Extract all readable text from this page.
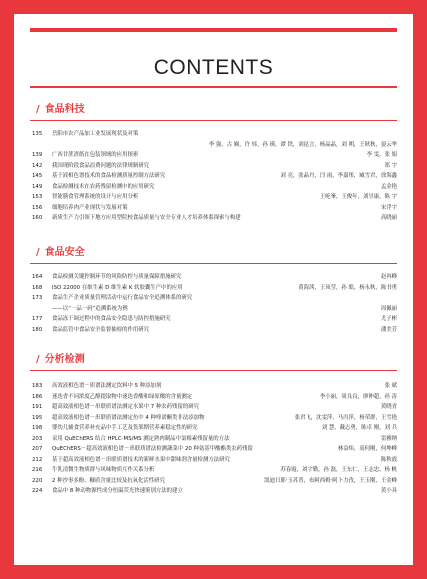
CONTENTS
/ 食品科技
135	岳阳市农产品加工业发展现状及对策
李 强，古 娴，许 炜，孙 瑛，谭 铁，刘昆言，杨晶晶，刘 朔，王秋秋，晏云华
139	广西甘蔗渣纸在包装领域的应用探索	李 雯，张 娟
142	我国现阶段食品浪费问题的法律规制研究	郑 宇
145	基于液相色谱技术的食品检测质量控制方法研究	刘 亮，张晶丹，闫 雨，李嘉彤，臧雪君，徐海鑫
149	食品检测技术在农药残留检测中的应用研究	孟金艳
153	智能膳食管理系统的设计与应用分析	王屹峯，王俊年，刘昱康，陈 宇
156	细胞培养肉产业现状与发展对策	宋浮宇
160	新质生产力引领下地方应用型院校食品质量与安全专业人才培养体系探索与构建	高晓丽
/ 食品安全
164	食品检测关键控制环节的风险防控与质量保障措施研究	赵再峰
168	ISO 22000 在维生素 D 维生素 K 软胶囊生产中的应用	黄海茜，王凤莹，孙 皓，杨永秋，陈书勇
173	食品生产企业质量管理活动中运行食品安全追溯体系的研究
——以“一品一码”追溯系统为例	周佩丽
177	食品冻干调过程中的食品安全隐患与防控措施研究	尤子彬
180	食品监管中食品安全监督抽检的作用研究	潘美芳
/ 分析检测
183	高效液相色谱－质谱法测定饮料中 5 种添加剂	张 斌
186	迷迭香不同浓度乙醇提取物中迷迭香酸和绿原酸的含量测定	李小丽，周良良，廖伸超，孙 涛
191	超高效液相色谱－串联质谱法测定水果中 7 种农药残留的研究	黄晓青
195	超高效液相色谱－串联质谱法测定鱼中 4 种喹诺酮类非法添加物	张君飞，沈雯萍，马丙萍，杨荣群，王雪艳
198	婴幼儿辅食营养补充品中手工艺及货架期营养素稳定性的研究	刘 慧，戴志勇，陈卓 刚，刘 兵
203	采用 QuEChERS 结合 HPLC-MS/MS 测定熟肉制品中氯霉素残留量的方法	雷雅纳
207	QuEChERS－超高效液相色谱－串联质谱法检测蔬菜中 20 种氨基甲酸酯类农药残留	林益炜，高何刚，何坤峰
212	基于超高效液相色谱－串联质谱技术的新鲜水果中甜味剂含量检测方法研究	陈秋霞
216	牛乳清微生物质群与风味物质互作关系分析	苏春霞，刘宇勤，孙 磊，王东仁，王志忠，杨 帆
220	2 种沙枣多酚、糠质含量比较及抗氧化活性研究	凯迪日耶·玉苏普，布阿西姆·阿卜力孜，王玉刚，王金峰
224	食品中 8 种动物源性成分恒温荧光快速鉴别方法的建立	黄小具
